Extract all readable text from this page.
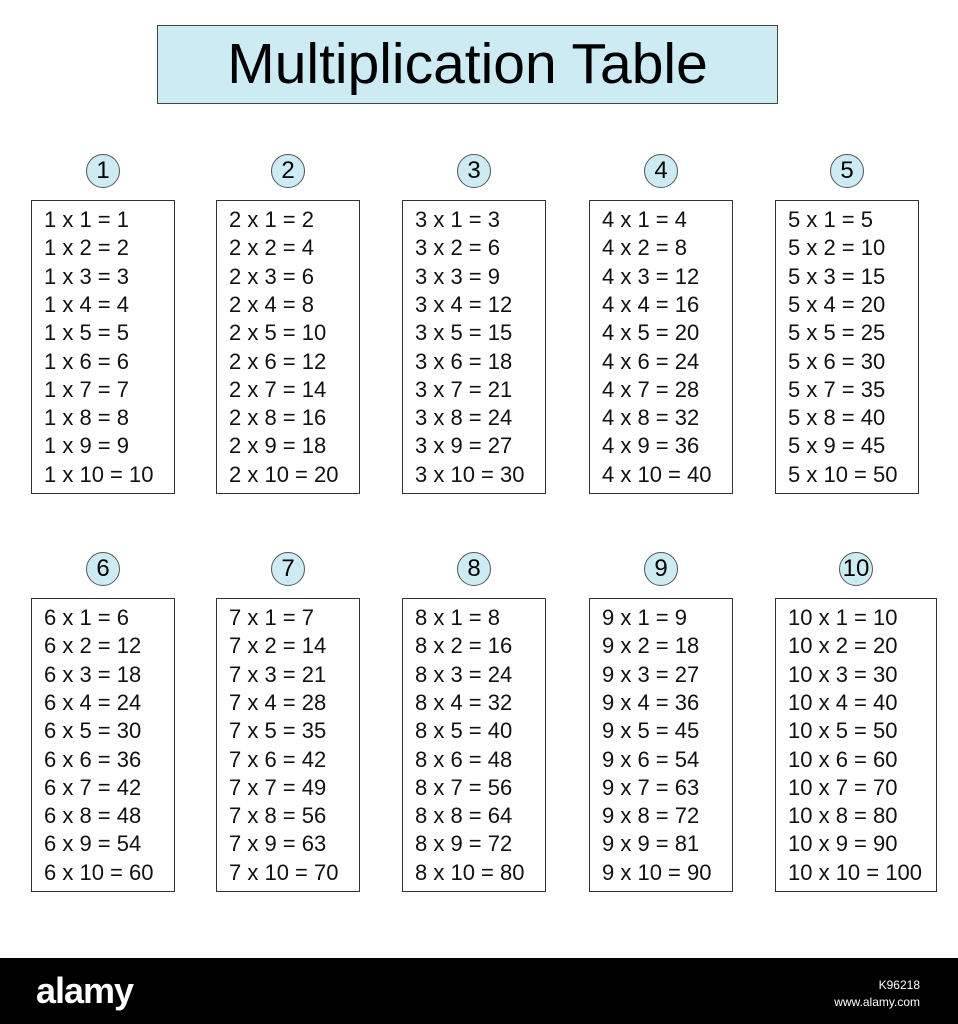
Multiplication Table
1
1 x 1 = 1
1 x 2 = 2
1 x 3 = 3
1 x 4 = 4
1 x 5 = 5
1 x 6 = 6
1 x 7 = 7
1 x 8 = 8
1 x 9 = 9
1 x 10 = 10
2
2 x 1 = 2
2 x 2 = 4
2 x 3 = 6
2 x 4 = 8
2 x 5 = 10
2 x 6 = 12
2 x 7 = 14
2 x 8 = 16
2 x 9 = 18
2 x 10 = 20
3
3 x 1 = 3
3 x 2 = 6
3 x 3 = 9
3 x 4 = 12
3 x 5 = 15
3 x 6 = 18
3 x 7 = 21
3 x 8 = 24
3 x 9 = 27
3 x 10 = 30
4
4 x 1 = 4
4 x 2 = 8
4 x 3 = 12
4 x 4 = 16
4 x 5 = 20
4 x 6 = 24
4 x 7 = 28
4 x 8 = 32
4 x 9 = 36
4 x 10 = 40
5
5 x 1 = 5
5 x 2 = 10
5 x 3 = 15
5 x 4 = 20
5 x 5 = 25
5 x 6 = 30
5 x 7 = 35
5 x 8 = 40
5 x 9 = 45
5 x 10 = 50
6
6 x 1 = 6
6 x 2 = 12
6 x 3 = 18
6 x 4 = 24
6 x 5 = 30
6 x 6 = 36
6 x 7 = 42
6 x 8 = 48
6 x 9 = 54
6 x 10 = 60
7
7 x 1 = 7
7 x 2 = 14
7 x 3 = 21
7 x 4 = 28
7 x 5 = 35
7 x 6 = 42
7 x 7 = 49
7 x 8 = 56
7 x 9 = 63
7 x 10 = 70
8
8 x 1 = 8
8 x 2 = 16
8 x 3 = 24
8 x 4 = 32
8 x 5 = 40
8 x 6 = 48
8 x 7 = 56
8 x 8 = 64
8 x 9 = 72
8 x 10 = 80
9
9 x 1 = 9
9 x 2 = 18
9 x 3 = 27
9 x 4 = 36
9 x 5 = 45
9 x 6 = 54
9 x 7 = 63
9 x 8 = 72
9 x 9 = 81
9 x 10 = 90
10
10 x 1 = 10
10 x 2 = 20
10 x 3 = 30
10 x 4 = 40
10 x 5 = 50
10 x 6 = 60
10 x 7 = 70
10 x 8 = 80
10 x 9 = 90
10 x 10 = 100
alamy	K96218
www.alamy.com
